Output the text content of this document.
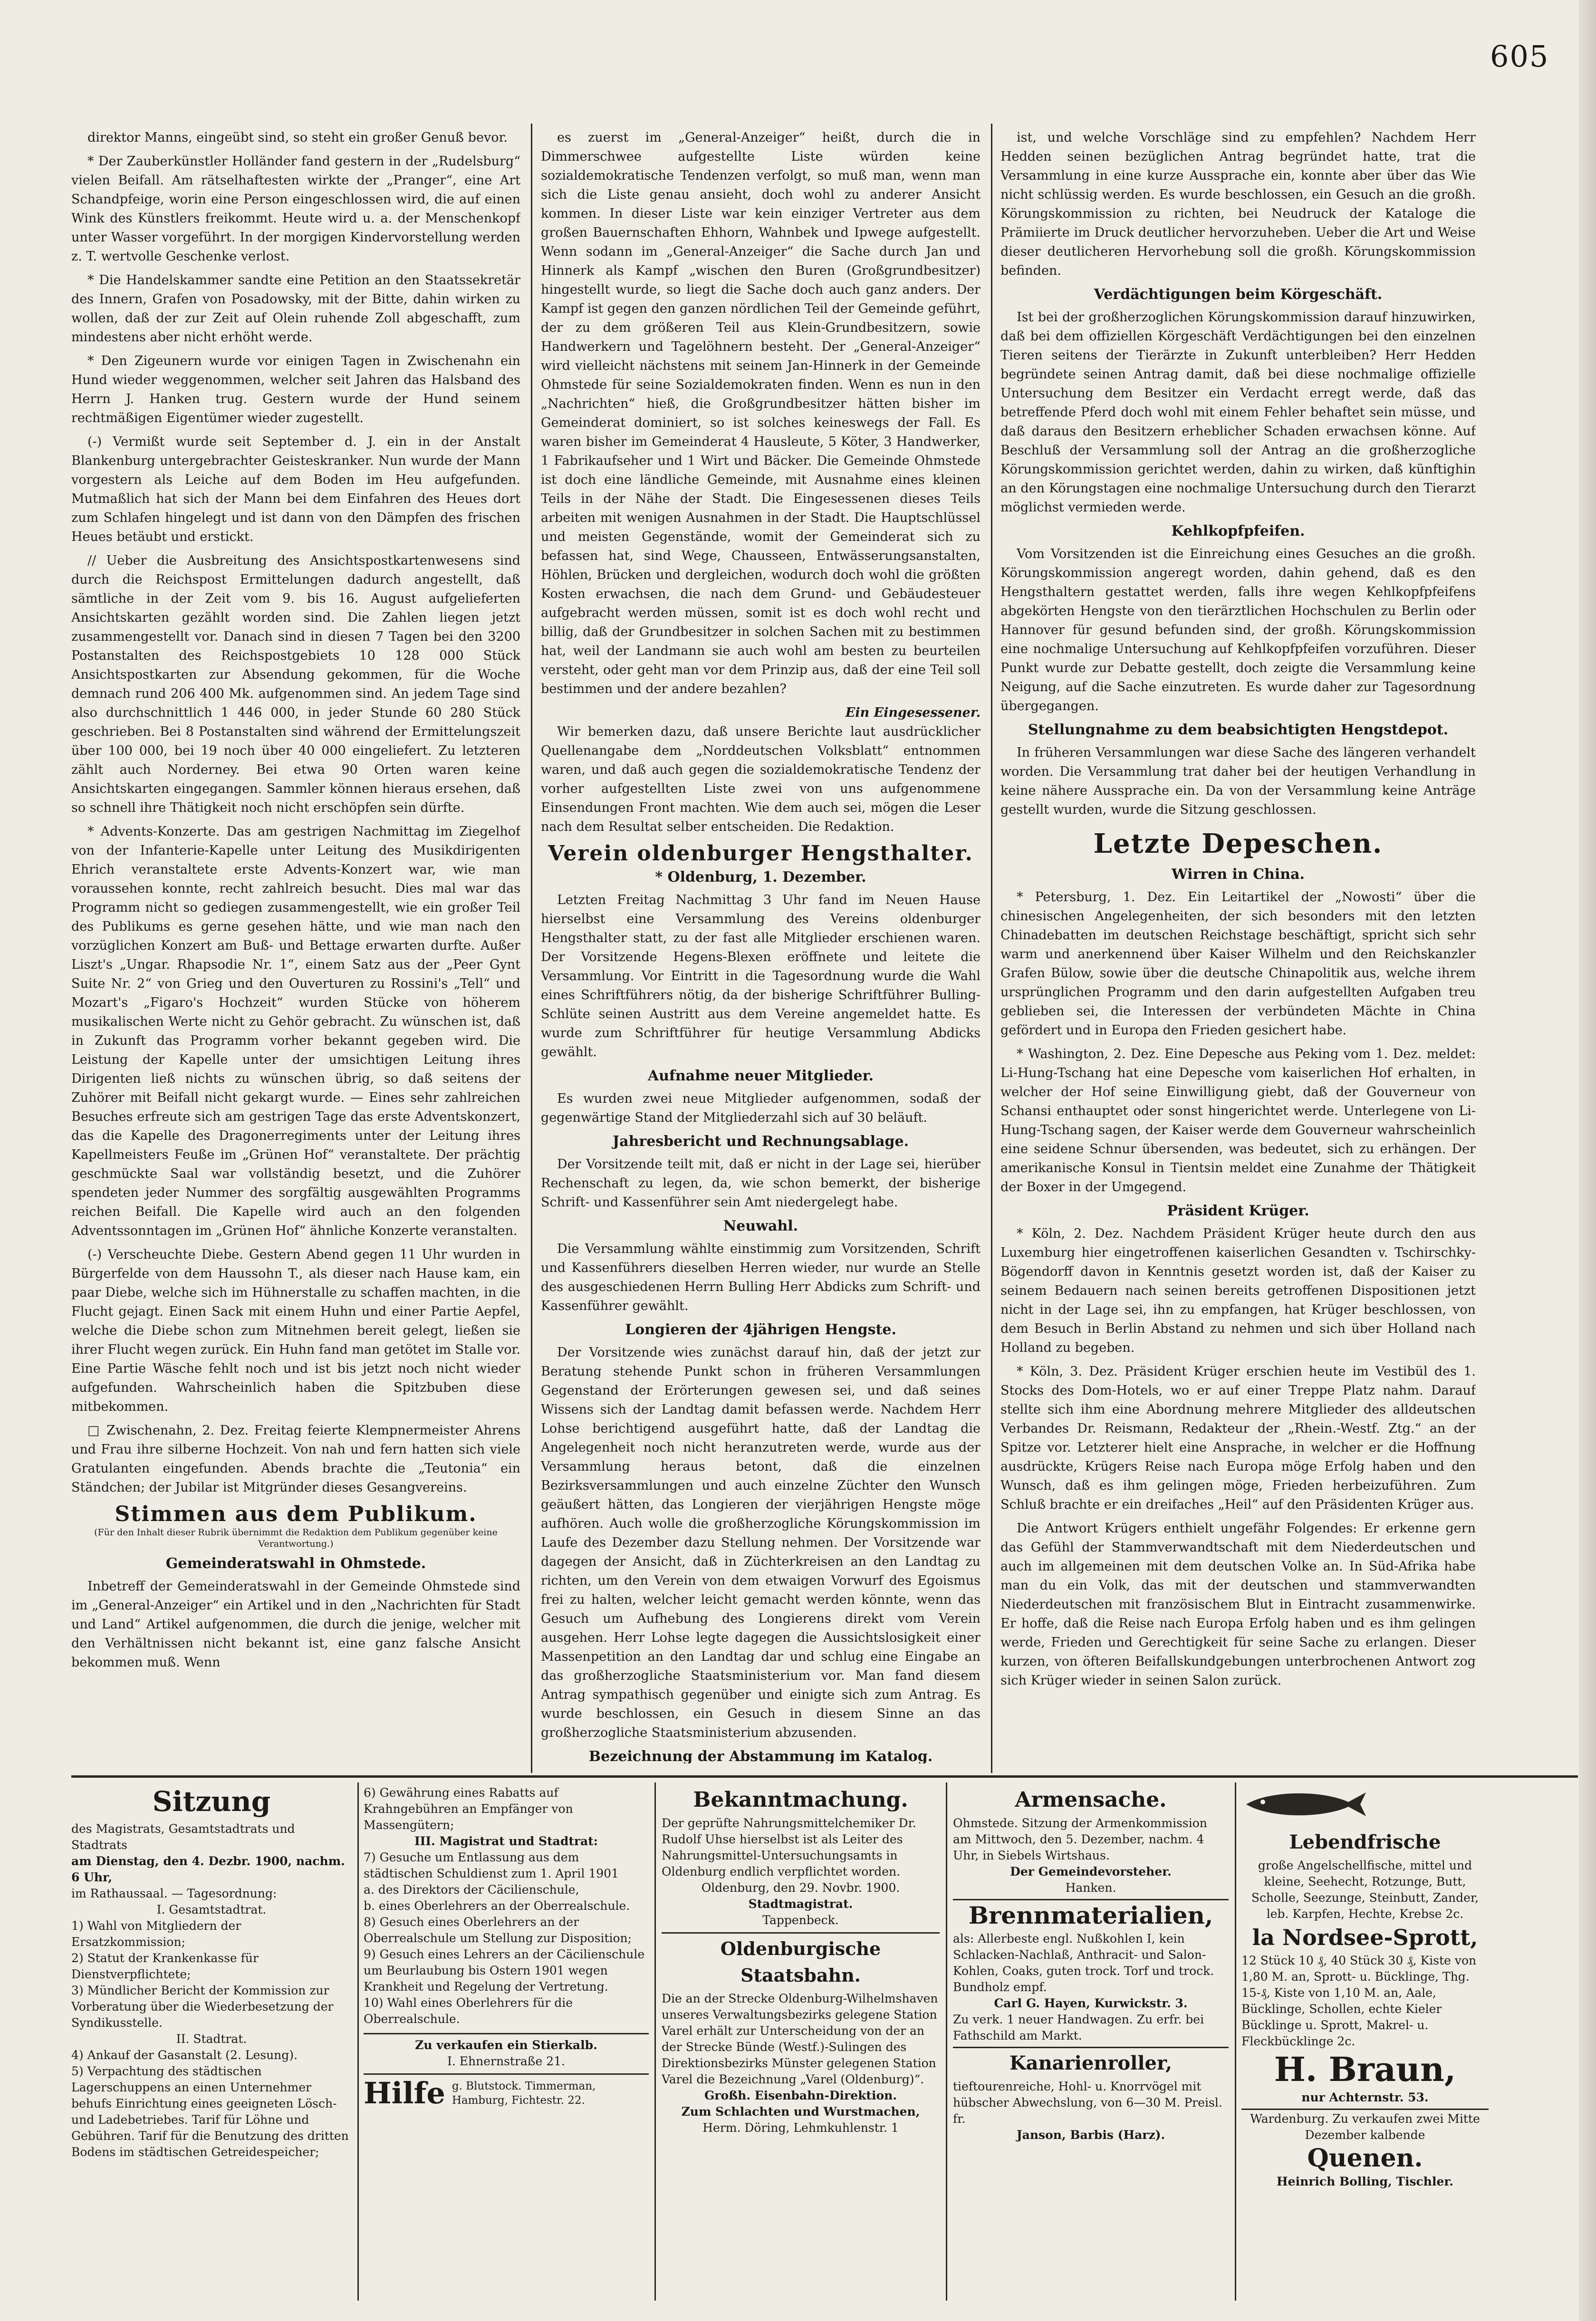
605

direktor Manns, eingeübt sind, so steht ein großer Genuß bevor.

* Der Zauberkünstler Holländer fand gestern in der „Rudelsburg“ vielen Beifall. Am rätselhaftesten wirkte der „Pranger“, eine Art Schandpfeige, worin eine Person eingeschlossen wird, die auf einen Wink des Künstlers freikommt. Heute wird u. a. der Menschenkopf unter Wasser vorgeführt. In der morgigen Kindervorstellung werden z. T. wertvolle Geschenke verlost.

* Die Handelskammer sandte eine Petition an den Staatssekretär des Innern, Grafen von Posadowsky, mit der Bitte, dahin wirken zu wollen, daß der zur Zeit auf Olein ruhende Zoll abgeschafft, zum mindestens aber nicht erhöht werde.

* Den Zigeunern wurde vor einigen Tagen in Zwischenahn ein Hund wieder weggenommen, welcher seit Jahren das Halsband des Herrn J. Hanken trug. Gestern wurde der Hund seinem rechtmäßigen Eigentümer wieder zugestellt.

(-) Vermißt wurde seit September d. J. ein in der Anstalt Blankenburg untergebrachter Geisteskranker. Nun wurde der Mann vorgestern als Leiche auf dem Boden im Heu aufgefunden. Mutmaßlich hat sich der Mann bei dem Einfahren des Heues dort zum Schlafen hingelegt und ist dann von den Dämpfen des frischen Heues betäubt und erstickt.

// Ueber die Ausbreitung des Ansichtspostkartenwesens sind durch die Reichspost Ermittelungen dadurch angestellt, daß sämtliche in der Zeit vom 9. bis 16. August aufgelieferten Ansichtskarten gezählt worden sind. Die Zahlen liegen jetzt zusammengestellt vor. Danach sind in diesen 7 Tagen bei den 3200 Postanstalten des Reichspostgebiets 10 128 000 Stück Ansichtspostkarten zur Absendung gekommen, für die Woche demnach rund 206 400 Mk. aufgenommen sind. An jedem Tage sind also durchschnittlich 1 446 000, in jeder Stunde 60 280 Stück geschrieben. Bei 8 Postanstalten sind während der Ermittelungszeit über 100 000, bei 19 noch über 40 000 eingeliefert. Zu letzteren zählt auch Norderney. Bei etwa 90 Orten waren keine Ansichtskarten eingegangen. Sammler können hieraus ersehen, daß so schnell ihre Thätigkeit noch nicht erschöpfen sein dürfte.

* Advents-Konzerte. Das am gestrigen Nachmittag im Ziegelhof von der Infanterie-Kapelle unter Leitung des Musikdirigenten Ehrich veranstaltete erste Advents-Konzert war, wie man voraussehen konnte, recht zahlreich besucht. Dies mal war das Programm nicht so gediegen zusammengestellt, wie ein großer Teil des Publikums es gerne gesehen hätte, und wie man nach den vorzüglichen Konzert am Buß- und Bettage erwarten durfte. Außer Liszt's „Ungar. Rhapsodie Nr. 1“, einem Satz aus der „Peer Gynt Suite Nr. 2“ von Grieg und den Ouverturen zu Rossini's „Tell“ und Mozart's „Figaro's Hochzeit“ wurden Stücke von höherem musikalischen Werte nicht zu Gehör gebracht. Zu wünschen ist, daß in Zukunft das Programm vorher bekannt gegeben wird. Die Leistung der Kapelle unter der umsichtigen Leitung ihres Dirigenten ließ nichts zu wünschen übrig, so daß seitens der Zuhörer mit Beifall nicht gekargt wurde. — Eines sehr zahlreichen Besuches erfreute sich am gestrigen Tage das erste Adventskonzert, das die Kapelle des Dragonerregiments unter der Leitung ihres Kapellmeisters Feuße im „Grünen Hof“ veranstaltete. Der prächtig geschmückte Saal war vollständig besetzt, und die Zuhörer spendeten jeder Nummer des sorgfältig ausgewählten Programms reichen Beifall. Die Kapelle wird auch an den folgenden Adventssonntagen im „Grünen Hof“ ähnliche Konzerte veranstalten.

(-) Verscheuchte Diebe. Gestern Abend gegen 11 Uhr wurden in Bürgerfelde von dem Haussohn T., als dieser nach Hause kam, ein paar Diebe, welche sich im Hühnerstalle zu schaffen machten, in die Flucht gejagt. Einen Sack mit einem Huhn und einer Partie Aepfel, welche die Diebe schon zum Mitnehmen bereit gelegt, ließen sie ihrer Flucht wegen zurück. Ein Huhn fand man getötet im Stalle vor. Eine Partie Wäsche fehlt noch und ist bis jetzt noch nicht wieder aufgefunden. Wahrscheinlich haben die Spitzbuben diese mitbekommen.

□ Zwischenahn, 2. Dez. Freitag feierte Klempnermeister Ahrens und Frau ihre silberne Hochzeit. Von nah und fern hatten sich viele Gratulanten eingefunden. Abends brachte die „Teutonia“ ein Ständchen; der Jubilar ist Mitgründer dieses Gesangvereins.

Stimmen aus dem Publikum.
(Für den Inhalt dieser Rubrik übernimmt die Redaktion dem Publikum gegenüber keine Verantwortung.)
Gemeinderatswahl in Ohmstede.

Inbetreff der Gemeinderatswahl in der Gemeinde Ohmstede sind im „General-Anzeiger“ ein Artikel und in den „Nachrichten für Stadt und Land“ Artikel aufgenommen, die durch die jenige, welcher mit den Verhältnissen nicht bekannt ist, eine ganz falsche Ansicht bekommen muß. Wenn

es zuerst im „General-Anzeiger“ heißt, durch die in Dimmerschwee aufgestellte Liste würden keine sozialdemokratische Tendenzen verfolgt, so muß man, wenn man sich die Liste genau ansieht, doch wohl zu anderer Ansicht kommen. In dieser Liste war kein einziger Vertreter aus dem großen Bauernschaften Ehhorn, Wahnbek und Ipwege aufgestellt. Wenn sodann im „General-Anzeiger“ die Sache durch Jan und Hinnerk als Kampf „wischen den Buren (Großgrundbesitzer) hingestellt wurde, so liegt die Sache doch auch ganz anders. Der Kampf ist gegen den ganzen nördlichen Teil der Gemeinde geführt, der zu dem größeren Teil aus Klein-Grundbesitzern, sowie Handwerkern und Tagelöhnern besteht. Der „General-Anzeiger“ wird vielleicht nächstens mit seinem Jan-Hinnerk in der Gemeinde Ohmstede für seine Sozialdemokraten finden. Wenn es nun in den „Nachrichten“ hieß, die Großgrundbesitzer hätten bisher im Gemeinderat dominiert, so ist solches keineswegs der Fall. Es waren bisher im Gemeinderat 4 Hausleute, 5 Köter, 3 Handwerker, 1 Fabrikaufseher und 1 Wirt und Bäcker. Die Gemeinde Ohmstede ist doch eine ländliche Gemeinde, mit Ausnahme eines kleinen Teils in der Nähe der Stadt. Die Eingesessenen dieses Teils arbeiten mit wenigen Ausnahmen in der Stadt. Die Hauptschlüssel und meisten Gegenstände, womit der Gemeinderat sich zu befassen hat, sind Wege, Chausseen, Entwässerungsanstalten, Höhlen, Brücken und dergleichen, wodurch doch wohl die größten Kosten erwachsen, die nach dem Grund- und Gebäudesteuer aufgebracht werden müssen, somit ist es doch wohl recht und billig, daß der Grundbesitzer in solchen Sachen mit zu bestimmen hat, weil der Landmann sie auch wohl am besten zu beurteilen versteht, oder geht man vor dem Prinzip aus, daß der eine Teil soll bestimmen und der andere bezahlen?

Ein Eingesessener.

Wir bemerken dazu, daß unsere Berichte laut ausdrücklicher Quellenangabe dem „Norddeutschen Volksblatt“ entnommen waren, und daß auch gegen die sozialdemokratische Tendenz der vorher aufgestellten Liste zwei von uns aufgenommene Einsendungen Front machten. Wie dem auch sei, mögen die Leser nach dem Resultat selber entscheiden. Die Redaktion.

Verein oldenburger Hengsthalter.
* Oldenburg, 1. Dezember.

Letzten Freitag Nachmittag 3 Uhr fand im Neuen Hause hierselbst eine Versammlung des Vereins oldenburger Hengsthalter statt, zu der fast alle Mitglieder erschienen waren. Der Vorsitzende Hegens-Blexen eröffnete und leitete die Versammlung. Vor Eintritt in die Tagesordnung wurde die Wahl eines Schriftführers nötig, da der bisherige Schriftführer Bulling-Schlüte seinen Austritt aus dem Vereine angemeldet hatte. Es wurde zum Schriftführer für heutige Versammlung Abdicks gewählt.

Aufnahme neuer Mitglieder.

Es wurden zwei neue Mitglieder aufgenommen, sodaß der gegenwärtige Stand der Mitgliederzahl sich auf 30 beläuft.

Jahresbericht und Rechnungsablage.

Der Vorsitzende teilt mit, daß er nicht in der Lage sei, hierüber Rechenschaft zu legen, da, wie schon bemerkt, der bisherige Schrift- und Kassenführer sein Amt niedergelegt habe.

Neuwahl.

Die Versammlung wählte einstimmig zum Vorsitzenden, Schrift und Kassenführers dieselben Herren wieder, nur wurde an Stelle des ausgeschiedenen Herrn Bulling Herr Abdicks zum Schrift- und Kassenführer gewählt.

Longieren der 4jährigen Hengste.

Der Vorsitzende wies zunächst darauf hin, daß der jetzt zur Beratung stehende Punkt schon in früheren Versammlungen Gegenstand der Erörterungen gewesen sei, und daß seines Wissens sich der Landtag damit befassen werde. Nachdem Herr Lohse berichtigend ausgeführt hatte, daß der Landtag die Angelegenheit noch nicht heranzutreten werde, wurde aus der Versammlung heraus betont, daß die einzelnen Bezirksversammlungen und auch einzelne Züchter den Wunsch geäußert hätten, das Longieren der vierjährigen Hengste möge aufhören. Auch wolle die großherzogliche Körungskommission im Laufe des Dezember dazu Stellung nehmen. Der Vorsitzende war dagegen der Ansicht, daß in Züchterkreisen an den Landtag zu richten, um den Verein von dem etwaigen Vorwurf des Egoismus frei zu halten, welcher leicht gemacht werden könnte, wenn das Gesuch um Aufhebung des Longierens direkt vom Verein ausgehen. Herr Lohse legte dagegen die Aussichtslosigkeit einer Massenpetition an den Landtag dar und schlug eine Eingabe an das großherzogliche Staatsministerium vor. Man fand diesem Antrag sympathisch gegenüber und einigte sich zum Antrag. Es wurde beschlossen, ein Gesuch in diesem Sinne an das großherzogliche Staatsministerium abzusenden.

Bezeichnung der Abstammung im Katalog.

ist, und welche Vorschläge sind zu empfehlen? Nachdem Herr Hedden seinen bezüglichen Antrag begründet hatte, trat die Versammlung in eine kurze Aussprache ein, konnte aber über das Wie nicht schlüssig werden. Es wurde beschlossen, ein Gesuch an die großh. Körungskommission zu richten, bei Neudruck der Kataloge die Prämiierte im Druck deutlicher hervorzuheben. Ueber die Art und Weise dieser deutlicheren Hervorhebung soll die großh. Körungskommission befinden.

Verdächtigungen beim Körgeschäft.

Ist bei der großherzoglichen Körungskommission darauf hinzuwirken, daß bei dem offiziellen Körgeschäft Verdächtigungen bei den einzelnen Tieren seitens der Tierärzte in Zukunft unterbleiben? Herr Hedden begründete seinen Antrag damit, daß bei diese nochmalige offizielle Untersuchung dem Besitzer ein Verdacht erregt werde, daß das betreffende Pferd doch wohl mit einem Fehler behaftet sein müsse, und daß daraus den Besitzern erheblicher Schaden erwachsen könne. Auf Beschluß der Versammlung soll der Antrag an die großherzogliche Körungskommission gerichtet werden, dahin zu wirken, daß künftighin an den Körungstagen eine nochmalige Untersuchung durch den Tierarzt möglichst vermieden werde.

Kehlkopfpfeifen.

Vom Vorsitzenden ist die Einreichung eines Gesuches an die großh. Körungskommission angeregt worden, dahin gehend, daß es den Hengsthaltern gestattet werden, falls ihre wegen Kehlkopfpfeifens abgekörten Hengste von den tierärztlichen Hochschulen zu Berlin oder Hannover für gesund befunden sind, der großh. Körungskommission eine nochmalige Untersuchung auf Kehlkopfpfeifen vorzuführen. Dieser Punkt wurde zur Debatte gestellt, doch zeigte die Versammlung keine Neigung, auf die Sache einzutreten. Es wurde daher zur Tagesordnung übergegangen.

Stellungnahme zu dem beabsichtigten Hengstdepot.

In früheren Versammlungen war diese Sache des längeren verhandelt worden. Die Versammlung trat daher bei der heutigen Verhandlung in keine nähere Aussprache ein. Da von der Versammlung keine Anträge gestellt wurden, wurde die Sitzung geschlossen.

Letzte Depeschen.
Wirren in China.

* Petersburg, 1. Dez. Ein Leitartikel der „Nowosti“ über die chinesischen Angelegenheiten, der sich besonders mit den letzten Chinadebatten im deutschen Reichstage beschäftigt, spricht sich sehr warm und anerkennend über Kaiser Wilhelm und den Reichskanzler Grafen Bülow, sowie über die deutsche Chinapolitik aus, welche ihrem ursprünglichen Programm und den darin aufgestellten Aufgaben treu geblieben sei, die Interessen der verbündeten Mächte in China gefördert und in Europa den Frieden gesichert habe.

* Washington, 2. Dez. Eine Depesche aus Peking vom 1. Dez. meldet: Li-Hung-Tschang hat eine Depesche vom kaiserlichen Hof erhalten, in welcher der Hof seine Einwilligung giebt, daß der Gouverneur von Schansi enthauptet oder sonst hingerichtet werde. Unterlegene von Li-Hung-Tschang sagen, der Kaiser werde dem Gouverneur wahrscheinlich eine seidene Schnur übersenden, was bedeutet, sich zu erhängen. Der amerikanische Konsul in Tientsin meldet eine Zunahme der Thätigkeit der Boxer in der Umgegend.

Präsident Krüger.

* Köln, 2. Dez. Nachdem Präsident Krüger heute durch den aus Luxemburg hier eingetroffenen kaiserlichen Gesandten v. Tschirschky-Bögendorff davon in Kenntnis gesetzt worden ist, daß der Kaiser zu seinem Bedauern nach seinen bereits getroffenen Dispositionen jetzt nicht in der Lage sei, ihn zu empfangen, hat Krüger beschlossen, von dem Besuch in Berlin Abstand zu nehmen und sich über Holland nach Holland zu begeben.

* Köln, 3. Dez. Präsident Krüger erschien heute im Vestibül des 1. Stocks des Dom-Hotels, wo er auf einer Treppe Platz nahm. Darauf stellte sich ihm eine Abordnung mehrere Mitglieder des alldeutschen Verbandes Dr. Reismann, Redakteur der „Rhein.-Westf. Ztg.“ an der Spitze vor. Letzterer hielt eine Ansprache, in welcher er die Hoffnung ausdrückte, Krügers Reise nach Europa möge Erfolg haben und den Wunsch, daß es ihm gelingen möge, Frieden herbeizuführen. Zum Schluß brachte er ein dreifaches „Heil“ auf den Präsidenten Krüger aus.

Die Antwort Krügers enthielt ungefähr Folgendes: Er erkenne gern das Gefühl der Stammverwandtschaft mit dem Niederdeutschen und auch im allgemeinen mit dem deutschen Volke an. In Süd-Afrika habe man du ein Volk, das mit der deutschen und stammverwandten Niederdeutschen mit französischem Blut in Eintracht zusammenwirke. Er hoffe, daß die Reise nach Europa Erfolg haben und es ihm gelingen werde, Frieden und Gerechtigkeit für seine Sache zu erlangen. Dieser kurzen, von öfteren Beifallskundgebungen unterbrochenen Antwort zog sich Krüger wieder in seinen Salon zurück.

Sitzung
des Magistrats, Gesamtstadtrats und Stadtrats
am Dienstag, den 4. Dezbr. 1900, nachm. 6 Uhr,
im Rathaussaal. — Tagesordnung:
I. Gesamtstadtrat.
1) Wahl von Mitgliedern der Ersatzkommission;
2) Statut der Krankenkasse für Dienstverpflichtete;
3) Mündlicher Bericht der Kommission zur Vorberatung über die Wiederbesetzung der Syndikusstelle.
II. Stadtrat.
4) Ankauf der Gasanstalt (2. Lesung).
5) Verpachtung des städtischen Lagerschuppens an einen Unternehmer behufs Einrichtung eines geeigneten Lösch- und Ladebetriebes. Tarif für Löhne und Gebühren. Tarif für die Benutzung des dritten Bodens im städtischen Getreidespeicher;
6) Gewährung eines Rabatts auf Krahngebühren an Empfänger von Massengütern;
III. Magistrat und Stadtrat:
7) Gesuche um Entlassung aus dem städtischen Schuldienst zum 1. April 1901
a. des Direktors der Cäcilienschule,
b. eines Oberlehrers an der Oberrealschule.
8) Gesuch eines Oberlehrers an der Oberrealschule um Stellung zur Disposition;
9) Gesuch eines Lehrers an der Cäcilienschule um Beurlaubung bis Ostern 1901 wegen Krankheit und Regelung der Vertretung.
10) Wahl eines Oberlehrers für die Oberrealschule.
Zu verkaufen ein Stierkalb.
I. Ehnernstraße 21.
Hilfe g. Blutstock. Timmerman, Hamburg, Fichtestr. 22.
Bekanntmachung.
Der geprüfte Nahrungsmittelchemiker Dr. Rudolf Uhse hierselbst ist als Leiter des Nahrungsmittel-Untersuchungsamts in Oldenburg endlich verpflichtet worden.
Oldenburg, den 29. Novbr. 1900.
Stadtmagistrat.
Tappenbeck.
Oldenburgische Staatsbahn.
Die an der Strecke Oldenburg-Wilhelmshaven unseres Verwaltungsbezirks gelegene Station Varel erhält zur Unterscheidung von der an der Strecke Bünde (Westf.)-Sulingen des Direktionsbezirks Münster gelegenen Station Varel die Bezeichnung „Varel (Oldenburg)“.
Großh. Eisenbahn-Direktion.
Zum Schlachten und Wurstmachen,
Herm. Döring, Lehmkuhlenstr. 1
Armensache.
Ohmstede. Sitzung der Armenkommission am Mittwoch, den 5. Dezember, nachm. 4 Uhr, in Siebels Wirtshaus.
Der Gemeindevorsteher.
Hanken.
Brennmaterialien,
als: Allerbeste engl. Nußkohlen I, kein Schlacken-Nachlaß, Anthracit- und Salon-Kohlen, Coaks, guten trock. Torf und trock. Bundholz empf.
Carl G. Hayen, Kurwickstr. 3.
Zu verk. 1 neuer Handwagen. Zu erfr. bei Fathschild am Markt.
Kanarienroller,
tieftourenreiche, Hohl- u. Knorrvögel mit hübscher Abwechslung, von 6—30 M. Preisl. fr.
Janson, Barbis (Harz).
Lebendfrische
große Angelschellfische, mittel und kleine, Seehecht, Rotzunge, Butt, Scholle, Seezunge, Steinbutt, Zander, leb. Karpfen, Hechte, Krebse 2c.
la Nordsee-Sprott,
12 Stück 10 ₰, 40 Stück 30 ₰, Kiste von 1,80 M. an, Sprott- u. Bücklinge, Thg. 15-₰, Kiste von 1,10 M. an, Aale, Bücklinge, Schollen, echte Kieler Bücklinge u. Sprott, Makrel- u. Fleckbücklinge 2c.
H. Braun,
nur Achternstr. 53.
Wardenburg. Zu verkaufen zwei Mitte Dezember kalbende
Quenen.
Heinrich Bolling, Tischler.
